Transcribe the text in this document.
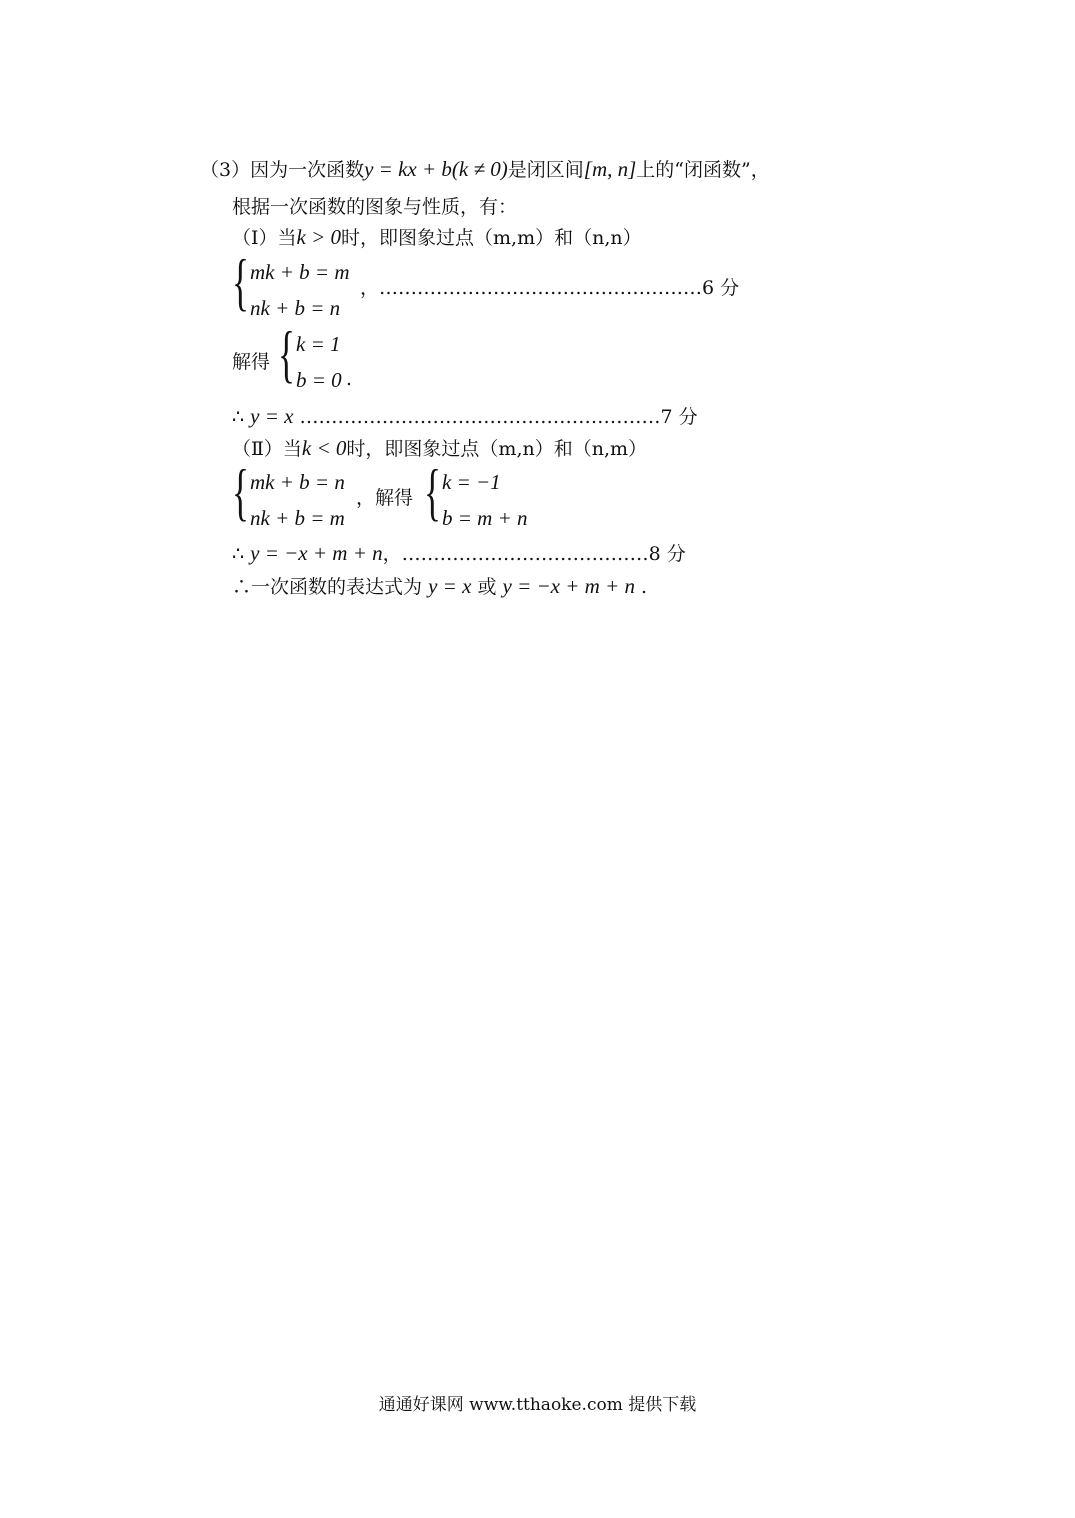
（3）因为一次函数y = kx + b(k ≠ 0)是闭区间[m, n]上的“闭函数”，
根据一次函数的图象与性质，有：
（Ⅰ）当k > 0时，即图象过点（m,m）和（n,n）
{ mk + b = m
nk + b = n
，……………………………………………6 分
解得 { k = 1
b = 0 .
∴ y = x …………………………………………………7 分
（Ⅱ）当k < 0时，即图象过点（m,n）和（n,m）
{ mk + b = n
nk + b = m
，解得 { k = −1
b = m + n
∴ y = −x + m + n，…………………………………8 分
∴一次函数的表达式为 y = x 或 y = −x + m + n .
通通好课网 www.tthaoke.com 提供下载
